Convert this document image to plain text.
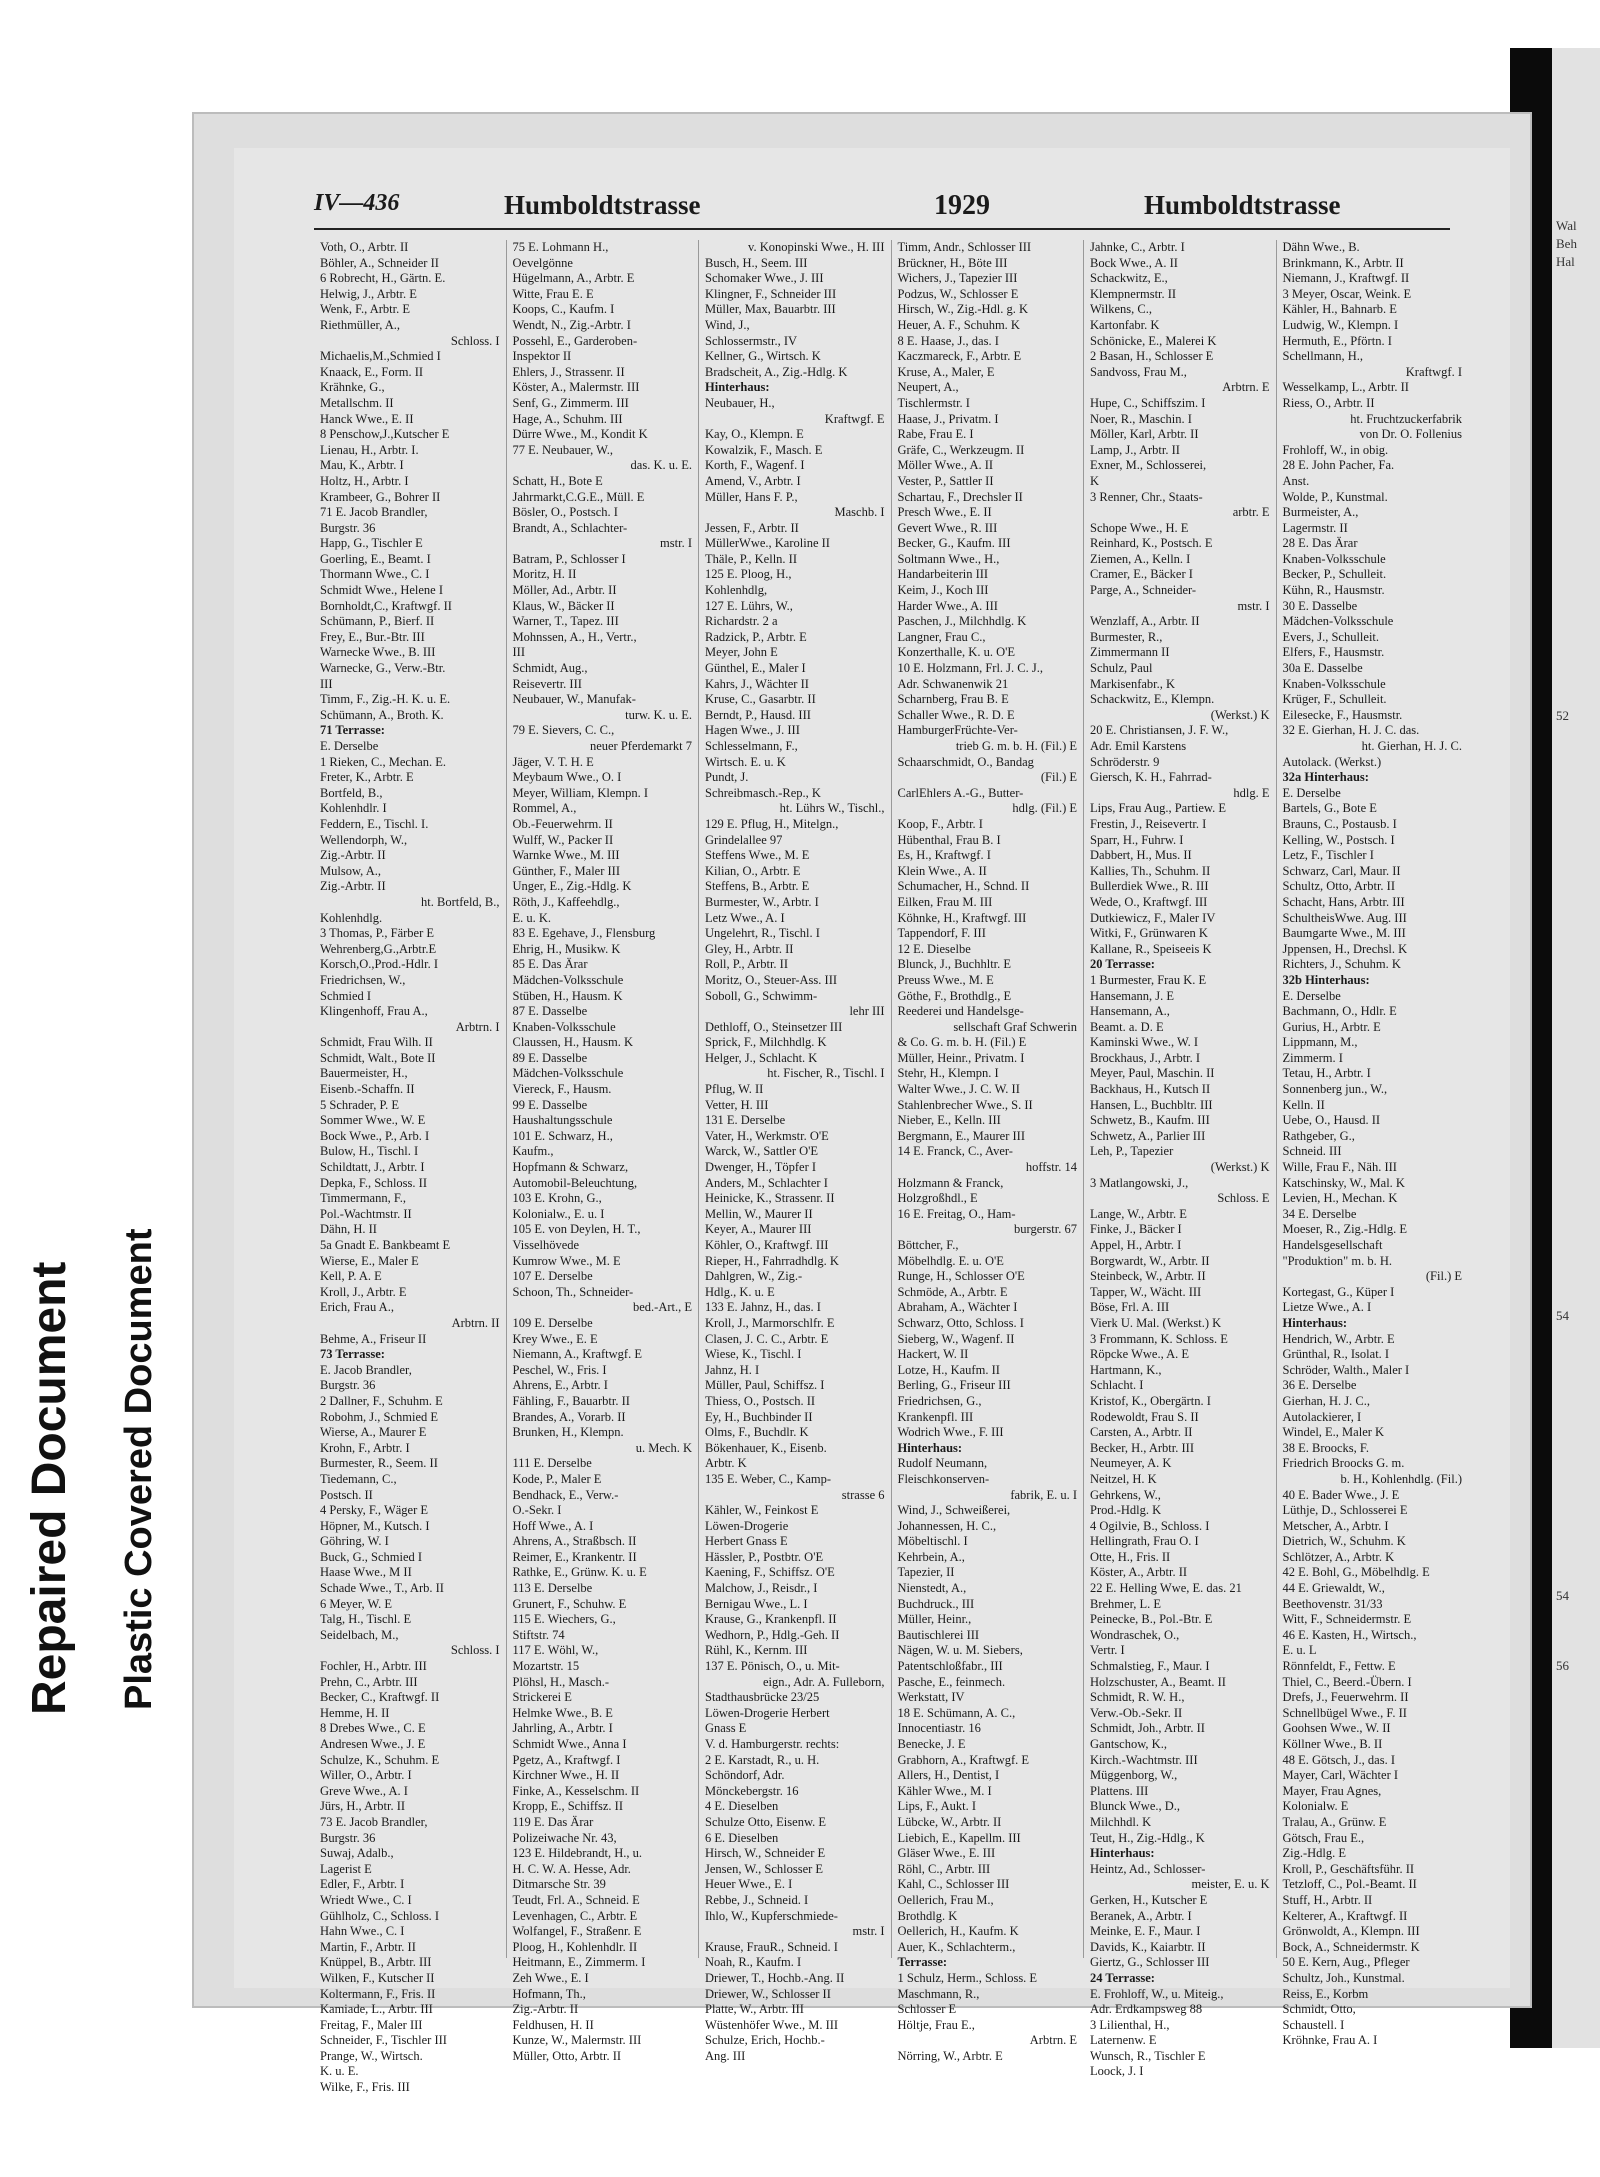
Repaired Document Plastic Covered Document
Wal
Beh
Hal
52
54
54
56
IV—436	Humboldtstrasse	1929	Humboldtstrasse
Voth, O., Arbtr. II
Böhler, A., Schneider II
6 Robrecht, H., Gärtn. E.
Helwig, J., Arbtr. E
Wenk, F., Arbtr. E
Riethmüller, A.,
Schloss. I
Michaelis,M.,Schmied I
Knaack, E., Form. II
Krähnke, G.,
Metallschm. II
Hanck Wwe., E. II
8 Penschow,J.,Kutscher E
Lienau, H., Arbtr. I.
Mau, K., Arbtr. I
Holtz, H., Arbtr. I
Krambeer, G., Bohrer II
71 E. Jacob Brandler,
Burgstr. 36
Happ, G., Tischler E
Goerling, E., Beamt. I
Thormann Wwe., C. I
Schmidt Wwe., Helene I
Bornholdt,C., Kraftwgf. II
Schümann, P., Bierf. II
Frey, E., Bur.-Btr. III
Warnecke Wwe., B. III
Warnecke, G., Verw.-Btr.
III
Timm, F., Zig.-H. K. u. E.
Schümann, A., Broth. K.
71 Terrasse:
E. Derselbe
1 Rieken, C., Mechan. E.
Freter, K., Arbtr. E
Bortfeld, B.,
Kohlenhdlr. I
Feddern, E., Tischl. I.
Wellendorph, W.,
Zig.-Arbtr. II
Mulsow, A.,
Zig.-Arbtr. II
ht. Bortfeld, B.,
Kohlenhdlg.
3 Thomas, P., Färber E
Wehrenberg,G.,Arbtr.E
Korsch,O.,Prod.-Hdlr. I
Friedrichsen, W.,
Schmied I
Klingenhoff, Frau A.,
Arbtrn. I
Schmidt, Frau Wilh. II
Schmidt, Walt., Bote II
Bauermeister, H.,
Eisenb.-Schaffn. II
5 Schrader, P. E
Sommer Wwe., W. E
Bock Wwe., P., Arb. I
Bulow, H., Tischl. I
Schildtatt, J., Arbtr. I
Depka, F., Schloss. II
Timmermann, F.,
Pol.-Wachtmstr. II
Dähn, H. II
5a Gnadt E. Bankbeamt E
Wierse, E., Maler E
Kell, P. A. E
Kroll, J., Arbtr. E
Erich, Frau A.,
Arbtrn. II
Behme, A., Friseur II
73 Terrasse:
E. Jacob Brandler,
Burgstr. 36
2 Dallner, F., Schuhm. E
Robohm, J., Schmied E
Wierse, A., Maurer E
Krohn, F., Arbtr. I
Burmester, R., Seem. II
Tiedemann, C.,
Postsch. II
4 Persky, F., Wäger E
Höpner, M., Kutsch. I
Göhring, W. I
Buck, G., Schmied I
Haase Wwe., M II
Schade Wwe., T., Arb. II
6 Meyer, W. E
Talg, H., Tischl. E
Seidelbach, M.,
Schloss. I
Fochler, H., Arbtr. III
Prehn, C., Arbtr. III
Becker, C., Kraftwgf. II
Hemme, H. II
8 Drebes Wwe., C. E
Andresen Wwe., J. E
Schulze, K., Schuhm. E
Willer, O., Arbtr. I
Greve Wwe., A. I
Jürs, H., Arbtr. II
73 E. Jacob Brandler,
Burgstr. 36
Suwaj, Adalb.,
Lagerist E
Edler, F., Arbtr. I
Wriedt Wwe., C. I
Gühlholz, C., Schloss. I
Hahn Wwe., C. I
Martin, F., Arbtr. II
Knüppel, B., Arbtr. III
Wilken, F., Kutscher II
Koltermann, F., Fris. II
Kamiade, L., Arbtr. III
Freitag, F., Maler III
Schneider, F., Tischler III
Prange, W., Wirtsch.
K. u. E.
Wilke, F., Fris. III
75 E. Lohmann H.,
Oevelgönne
Hügelmann, A., Arbtr. E
Witte, Frau E. E
Koops, C., Kaufm. I
Wendt, N., Zig.-Arbtr. I
Possehl, E., Garderoben-
Inspektor II
Ehlers, J., Strassenr. II
Köster, A., Malermstr. III
Senf, G., Zimmerm. III
Hage, A., Schuhm. III
Dürre Wwe., M., Kondit K
77 E. Neubauer, W.,
das. K. u. E.
Schatt, H., Bote E
Jahrmarkt,C.G.E., Müll. E
Bösler, O., Postsch. I
Brandt, A., Schlachter-
mstr. I
Batram, P., Schlosser I
Moritz, H. II
Möller, Ad., Arbtr. II
Klaus, W., Bäcker II
Warner, T., Tapez. III
Mohnssen, A., H., Vertr.,
III
Schmidt, Aug.,
Reisevertr. III
Neubauer, W., Manufak-
turw. K. u. E.
79 E. Sievers, C. C.,
neuer Pferdemarkt 7
Jäger, V. T. H. E
Meybaum Wwe., O. I
Meyer, William, Klempn. I
Rommel, A.,
Ob.-Feuerwehrm. II
Wulff, W., Packer II
Warnke Wwe., M. III
Günther, F., Maler III
Unger, E., Zig.-Hdlg. K
Röth, J., Kaffeehdlg.,
E. u. K.
83 E. Egehave, J., Flensburg
Ehrig, H., Musikw. K
85 E. Das Ärar
Mädchen-Volksschule
Stüben, H., Hausm. K
87 E. Dasselbe
Knaben-Volksschule
Claussen, H., Hausm. K
89 E. Dasselbe
Mädchen-Volksschule
Viereck, F., Hausm.
99 E. Dasselbe
Haushaltungsschule
101 E. Schwarz, H.,
Kaufm.,
Hopfmann & Schwarz,
Automobil-Beleuchtung,
103 E. Krohn, G.,
Kolonialw., E. u. I
105 E. von Deylen, H. T.,
Visselhövede
Kumrow Wwe., M. E
107 E. Derselbe
Schoon, Th., Schneider-
bed.-Art., E
109 E. Derselbe
Krey Wwe., E. E
Niemann, A., Kraftwgf. E
Peschel, W., Fris. I
Ahrens, E., Arbtr. I
Fähling, F., Bauarbtr. II
Brandes, A., Vorarb. II
Brunken, H., Klempn.
u. Mech. K
111 E. Derselbe
Kode, P., Maler E
Bendhack, E., Verw.-
O.-Sekr. I
Hoff Wwe., A. I
Ahrens, A., Straßbsch. II
Reimer, E., Krankentr. II
Rathke, E., Grünw. K. u. E
113 E. Derselbe
Grunert, F., Schuhw. E
115 E. Wiechers, G.,
Stiftstr. 74
117 E. Wöhl, W.,
Mozartstr. 15
Plöhsl, H., Masch.-
Strickerei E
Helmke Wwe., B. E
Jahrling, A., Arbtr. I
Schmidt Wwe., Anna I
Pgetz, A., Kraftwgf. I
Kirchner Wwe., H. II
Finke, A., Kesselschm. II
Kropp, E., Schiffsz. II
119 E. Das Ärar
Polizeiwache Nr. 43,
123 E. Hildebrandt, H., u.
H. C. W. A. Hesse, Adr.
Ditmarsche Str. 39
Teudt, Frl. A., Schneid. E
Levenhagen, C., Arbtr. E
Wolfangel, F., Straßenr. E
Ploog, H., Kohlenhdlr. II
Heitmann, E., Zimmerm. I
Zeh Wwe., E. I
Hofmann, Th.,
Zig.-Arbtr. II
Feldhusen, H. II
Kunze, W., Malermstr. III
Müller, Otto, Arbtr. II
v. Konopinski Wwe., H. III
Busch, H., Seem. III
Schomaker Wwe., J. III
Klingner, F., Schneider III
Müller, Max, Bauarbtr. III
Wind, J.,
Schlossermstr., IV
Kellner, G., Wirtsch. K
Bradscheit, A., Zig.-Hdlg. K
Hinterhaus:
Neubauer, H.,
Kraftwgf. E
Kay, O., Klempn. E
Kowalzik, F., Masch. E
Korth, F., Wagenf. I
Amend, V., Arbtr. I
Müller, Hans F. P.,
Maschb. I
Jessen, F., Arbtr. II
MüllerWwe., Karoline II
Thäle, P., Kelln. II
125 E. Ploog, H.,
Kohlenhdlg,
127 E. Lührs, W.,
Richardstr. 2 a
Radzick, P., Arbtr. E
Meyer, John E
Günthel, E., Maler I
Kahrs, J., Wächter II
Kruse, C., Gasarbtr. II
Berndt, P., Hausd. III
Hagen Wwe., J. III
Schlesselmann, F.,
Wirtsch. E. u. K
Pundt, J.
Schreibmasch.-Rep., K
ht. Lührs W., Tischl.,
129 E. Pflug, H., Mitelgn.,
Grindelallee 97
Steffens Wwe., M. E
Kilian, O., Arbtr. E
Steffens, B., Arbtr. E
Burmester, W., Arbtr. I
Letz Wwe., A. I
Ungelehrt, R., Tischl. I
Gley, H., Arbtr. II
Roll, P., Arbtr. II
Moritz, O., Steuer-Ass. III
Soboll, G., Schwimm-
lehr III
Dethloff, O., Steinsetzer III
Sprick, F., Milchhdlg. K
Helger, J., Schlacht. K
ht. Fischer, R., Tischl. I
Pflug, W. II
Vetter, H. III
131 E. Derselbe
Vater, H., Werkmstr. O'E
Warck, W., Sattler O'E
Dwenger, H., Töpfer I
Anders, M., Schlachter I
Heinicke, K., Strassenr. II
Mellin, W., Maurer II
Keyer, A., Maurer III
Köhler, O., Kraftwgf. III
Rieper, H., Fahrradhdlg. K
Dahlgren, W., Zig.-
Hdlg., K. u. E
133 E. Jahnz, H., das. I
Kroll, J., Marmorschlfr. E
Clasen, J. C. C., Arbtr. E
Wiese, K., Tischl. I
Jahnz, H. I
Müller, Paul, Schiffsz. I
Thiess, O., Postsch. II
Ey, H., Buchbinder II
Olms, F., Buchdlr. K
Bökenhauer, K., Eisenb.
Arbtr. K
135 E. Weber, C., Kamp-
strasse 6
Kähler, W., Feinkost E
Löwen-Drogerie
Herbert Gnass E
Hässler, P., Postbtr. O'E
Kaening, F., Schiffsz. O'E
Malchow, J., Reisdr., I
Bernigau Wwe., L. I
Krause, G., Krankenpfl. II
Wedhorn, P., Hdlg.-Geh. II
Rühl, K., Kernm. III
137 E. Pönisch, O., u. Mit-
eign., Adr. A. Fulleborn,
Stadthausbrücke 23/25
Löwen-Drogerie Herbert
Gnass E
V. d. Hamburgerstr. rechts:
2 E. Karstadt, R., u. H.
Schöndorf, Adr.
Mönckebergstr. 16
4 E. Dieselben
Schulze Otto, Eisenw. E
6 E. Dieselben
Hirsch, W., Schneider E
Jensen, W., Schlosser E
Heuer Wwe., E. I
Rebbe, J., Schneid. I
Ihlo, W., Kupferschmiede-
mstr. I
Krause, FrauR., Schneid. I
Noah, R., Kaufm. I
Driewer, T., Hochb.-Ang. II
Driewer, W., Schlosser II
Platte, W., Arbtr. III
Wüstenhöfer Wwe., M. III
Schulze, Erich, Hochb.-
Ang. III
Timm, Andr., Schlosser III
Brückner, H., Böte III
Wichers, J., Tapezier III
Podzus, W., Schlosser E
Hirsch, W., Zig.-Hdl. g. K
Heuer, A. F., Schuhm. K
8 E. Haase, J., das. I
Kaczmareck, F., Arbtr. E
Kruse, A., Maler, E
Neupert, A.,
Tischlermstr. I
Haase, J., Privatm. I
Rabe, Frau E. I
Gräfe, C., Werkzeugm. II
Möller Wwe., A. II
Vester, P., Sattler II
Schartau, F., Drechsler II
Presch Wwe., E. II
Gevert Wwe., R. III
Becker, G., Kaufm. III
Soltmann Wwe., H.,
Handarbeiterin III
Keim, J., Koch III
Harder Wwe., A. III
Paschen, J., Milchhdlg. K
Langner, Frau C.,
Konzerthalle, K. u. O'E
10 E. Holzmann, Frl. J. C. J.,
Adr. Schwanenwik 21
Scharnberg, Frau B. E
Schaller Wwe., R. D. E
HamburgerFrüchte-Ver-
trieb G. m. b. H. (Fil.) E
Schaarschmidt, O., Bandag
(Fil.) E
CarlEhlers A.-G., Butter-
hdlg. (Fil.) E
Koop, F., Arbtr. I
Hübenthal, Frau B. I
Es, H., Kraftwgf. I
Klein Wwe., A. II
Schumacher, H., Schnd. II
Eilken, Frau M. III
Köhnke, H., Kraftwgf. III
Tappendorf, F. III
12 E. Dieselbe
Blunck, J., Buchhltr. E
Preuss Wwe., M. E
Göthe, F., Brothdlg., E
Reederei und Handelsge-
sellschaft Graf Schwerin
& Co. G. m. b. H. (Fil.) E
Müller, Heinr., Privatm. I
Stehr, H., Klempn. I
Walter Wwe., J. C. W. II
Stahlenbrecher Wwe., S. II
Nieber, E., Kelln. III
Bergmann, E., Maurer III
14 E. Franck, C., Aver-
hoffstr. 14
Holzmann & Franck,
Holzgroßhdl., E
16 E. Freitag, O., Ham-
burgerstr. 67
Böttcher, F.,
Möbelhdlg. E. u. O'E
Runge, H., Schlosser O'E
Schmöde, A., Arbtr. E
Abraham, A., Wächter I
Schwarz, Otto, Schloss. I
Sieberg, W., Wagenf. II
Hackert, W. II
Lotze, H., Kaufm. II
Berling, G., Friseur III
Friedrichsen, G.,
Krankenpfl. III
Wodrich Wwe., F. III
Hinterhaus:
Rudolf Neumann,
Fleischkonserven-
fabrik, E. u. I
Wind, J., Schweißerei,
Johannessen, H. C.,
Möbeltischl. I
Kehrbein, A.,
Tapezier, II
Nienstedt, A.,
Buchdruck., III
Müller, Heinr.,
Bautischlerei III
Nägen, W. u. M. Siebers,
Patentschloßfabr., III
Pasche, E., feinmech.
Werkstatt, IV
18 E. Schümann, A. C.,
Innocentiastr. 16
Benecke, J. E
Grabhorn, A., Kraftwgf. E
Allers, H., Dentist, I
Kähler Wwe., M. I
Lips, F., Aukt. I
Lübcke, W., Arbtr. II
Liebich, E., Kapellm. III
Gläser Wwe., E. III
Röhl, C., Arbtr. III
Kahl, C., Schlosser III
Oellerich, Frau M.,
Brothdlg. K
Oellerich, H., Kaufm. K
Auer, K., Schlachterm.,
Terrasse:
1 Schulz, Herm., Schloss. E
Maschmann, R.,
Schlosser E
Höltje, Frau E.,
Arbtrn. E
Nörring, W., Arbtr. E
Jahnke, C., Arbtr. I
Bock Wwe., A. II
Schackwitz, E.,
Klempnermstr. II
Wilkens, C.,
Kartonfabr. K
Schönicke, E., Malerei K
2 Basan, H., Schlosser E
Sandvoss, Frau M.,
Arbtrn. E
Hupe, C., Schiffszim. I
Noer, R., Maschin. I
Möller, Karl, Arbtr. II
Lamp, J., Arbtr. II
Exner, M., Schlosserei,
K
3 Renner, Chr., Staats-
arbtr. E
Schope Wwe., H. E
Reinhard, K., Postsch. E
Ziemen, A., Kelln. I
Cramer, E., Bäcker I
Parge, A., Schneider-
mstr. I
Wenzlaff, A., Arbtr. II
Burmester, R.,
Zimmermann II
Schulz, Paul
Markisenfabr., K
Schackwitz, E., Klempn.
(Werkst.) K
20 E. Christiansen, J. F. W.,
Adr. Emil Karstens
Schröderstr. 9
Giersch, K. H., Fahrrad-
hdlg. E
Lips, Frau Aug., Partiew. E
Frestin, J., Reisevertr. I
Sparr, H., Fuhrw. I
Dabbert, H., Mus. II
Kallies, Th., Schuhm. II
Bullerdiek Wwe., R. III
Wede, O., Kraftwgf. III
Dutkiewicz, F., Maler IV
Witki, F., Grünwaren K
Kallane, R., Speiseeis K
20 Terrasse:
1 Burmester, Frau K. E
Hansemann, J. E
Hansemann, A.,
Beamt. a. D. E
Kaminski Wwe., W. I
Brockhaus, J., Arbtr. I
Meyer, Paul, Maschin. II
Backhaus, H., Kutsch II
Hansen, L., Buchbltr. III
Schwetz, B., Kaufm. III
Schwetz, A., Parlier III
Leh, P., Tapezier
(Werkst.) K
3 Matlangowski, J.,
Schloss. E
Lange, W., Arbtr. E
Finke, J., Bäcker I
Appel, H., Arbtr. I
Borgwardt, W., Arbtr. II
Steinbeck, W., Arbtr. II
Tapper, W., Wächt. III
Böse, Frl. A. III
Vierk U. Mal. (Werkst.) K
3 Frommann, K. Schloss. E
Röpcke Wwe., A. E
Hartmann, K.,
Schlacht. I
Kristof, K., Obergärtn. I
Rodewoldt, Frau S. II
Carsten, A., Arbtr. II
Becker, H., Arbtr. III
Neumeyer, A. K
Neitzel, H. K
Gehrkens, W.,
Prod.-Hdlg. K
4 Ogilvie, B., Schloss. I
Hellingrath, Frau O. I
Otte, H., Fris. II
Köster, A., Arbtr. II
22 E. Helling Wwe, E. das. 21
Brehmer, L. E
Peinecke, B., Pol.-Btr. E
Wondraschek, O.,
Vertr. I
Schmalstieg, F., Maur. I
Holzschuster, A., Beamt. II
Schmidt, R. W. H.,
Verw.-Ob.-Sekr. II
Schmidt, Joh., Arbtr. II
Gantschow, K.,
Kirch.-Wachtmstr. III
Müggenborg, W.,
Plattens. III
Blunck Wwe., D.,
Milchhdl. K
Teut, H., Zig.-Hdlg., K
Hinterhaus:
Heintz, Ad., Schlosser-
meister, E. u. K
Gerken, H., Kutscher E
Beranek, A., Arbtr. I
Meinke, E. F., Maur. I
Davids, K., Kaiarbtr. II
Giertz, G., Schlosser III
24 Terrasse:
E. Frohloff, W., u. Miteig.,
Adr. Erdkampsweg 88
3 Lilienthal, H.,
Laternenw. E
Wunsch, R., Tischler E
Loock, J. I
Dähn Wwe., B.
Brinkmann, K., Arbtr. II
Niemann, J., Kraftwgf. II
3 Meyer, Oscar, Weink. E
Kähler, H., Bahnarb. E
Ludwig, W., Klempn. I
Hermuth, E., Pförtn. I
Schellmann, H.,
Kraftwgf. I
Wesselkamp, L., Arbtr. II
Riess, O., Arbtr. II
ht. Fruchtzuckerfabrik
von Dr. O. Follenius
Frohloff, W., in obig.
28 E. John Pacher, Fa.
Anst.
Wolde, P., Kunstmal.
Burmeister, A.,
Lagermstr. II
28 E. Das Ärar
Knaben-Volksschule
Becker, P., Schulleit.
Kühn, R., Hausmstr.
30 E. Dasselbe
Mädchen-Volksschule
Evers, J., Schulleit.
Elfers, F., Hausmstr.
30a E. Dasselbe
Knaben-Volksschule
Krüger, F., Schulleit.
Eilesecke, F., Hausmstr.
32 E. Gierhan, H. J. C. das.
ht. Gierhan, H. J. C.
Autolack. (Werkst.)
32a Hinterhaus:
E. Derselbe
Bartels, G., Bote E
Brauns, C., Postausb. I
Kelling, W., Postsch. I
Letz, F., Tischler I
Schwarz, Carl, Maur. II
Schultz, Otto, Arbtr. II
Schacht, Hans, Arbtr. III
SchultheisWwe. Aug. III
Baumgarte Wwe., M. III
Jppensen, H., Drechsl. K
Richters, J., Schuhm. K
32b Hinterhaus:
E. Derselbe
Bachmann, O., Hdlr. E
Gurius, H., Arbtr. E
Lippmann, M.,
Zimmerm. I
Tetau, H., Arbtr. I
Sonnenberg jun., W.,
Kelln. II
Uebe, O., Hausd. II
Rathgeber, G.,
Schneid. III
Wille, Frau F., Näh. III
Katschinsky, W., Mal. K
Levien, H., Mechan. K
34 E. Derselbe
Moeser, R., Zig.-Hdlg. E
Handelsgesellschaft
"Produktion" m. b. H.
(Fil.) E
Kortegast, G., Küper I
Lietze Wwe., A. I
Hinterhaus:
Hendrich, W., Arbtr. E
Grünthal, R., Isolat. I
Schröder, Walth., Maler I
36 E. Derselbe
Gierhan, H. J. C.,
Autolackierer, I
Windel, E., Maler K
38 E. Broocks, F.
Friedrich Broocks G. m.
b. H., Kohlenhdlg. (Fil.)
40 E. Bader Wwe., J. E
Lüthje, D., Schlosserei E
Metscher, A., Arbtr. I
Dietrich, W., Schuhm. K
Schlötzer, A., Arbtr. K
42 E. Bohl, G., Möbelhdlg. E
44 E. Griewaldt, W.,
Beethovenstr. 31/33
Witt, F., Schneidermstr. E
46 E. Kasten, H., Wirtsch.,
E. u. L
Rönnfeldt, F., Fettw. E
Thiel, C., Beerd.-Übern. I
Drefs, J., Feuerwehrm. II
Schnellbügel Wwe., F. II
Goohsen Wwe., W. II
Köllner Wwe., B. II
48 E. Götsch, J., das. I
Mayer, Carl, Wächter I
Mayer, Frau Agnes,
Kolonialw. E
Tralau, A., Grünw. E
Götsch, Frau E.,
Zig.-Hdlg. E
Kroll, P., Geschäftsführ. II
Tetzloff, C., Pol.-Beamt. II
Stuff, H., Arbtr. II
Kelterer, A., Kraftwgf. II
Grönwoldt, A., Klempn. III
Bock, A., Schneidermstr. K
50 E. Kern, Aug., Pfleger
Schultz, Joh., Kunstmal.
Reiss, E., Korbm
Schmidt, Otto,
Schaustell. I
Kröhnke, Frau A. I
